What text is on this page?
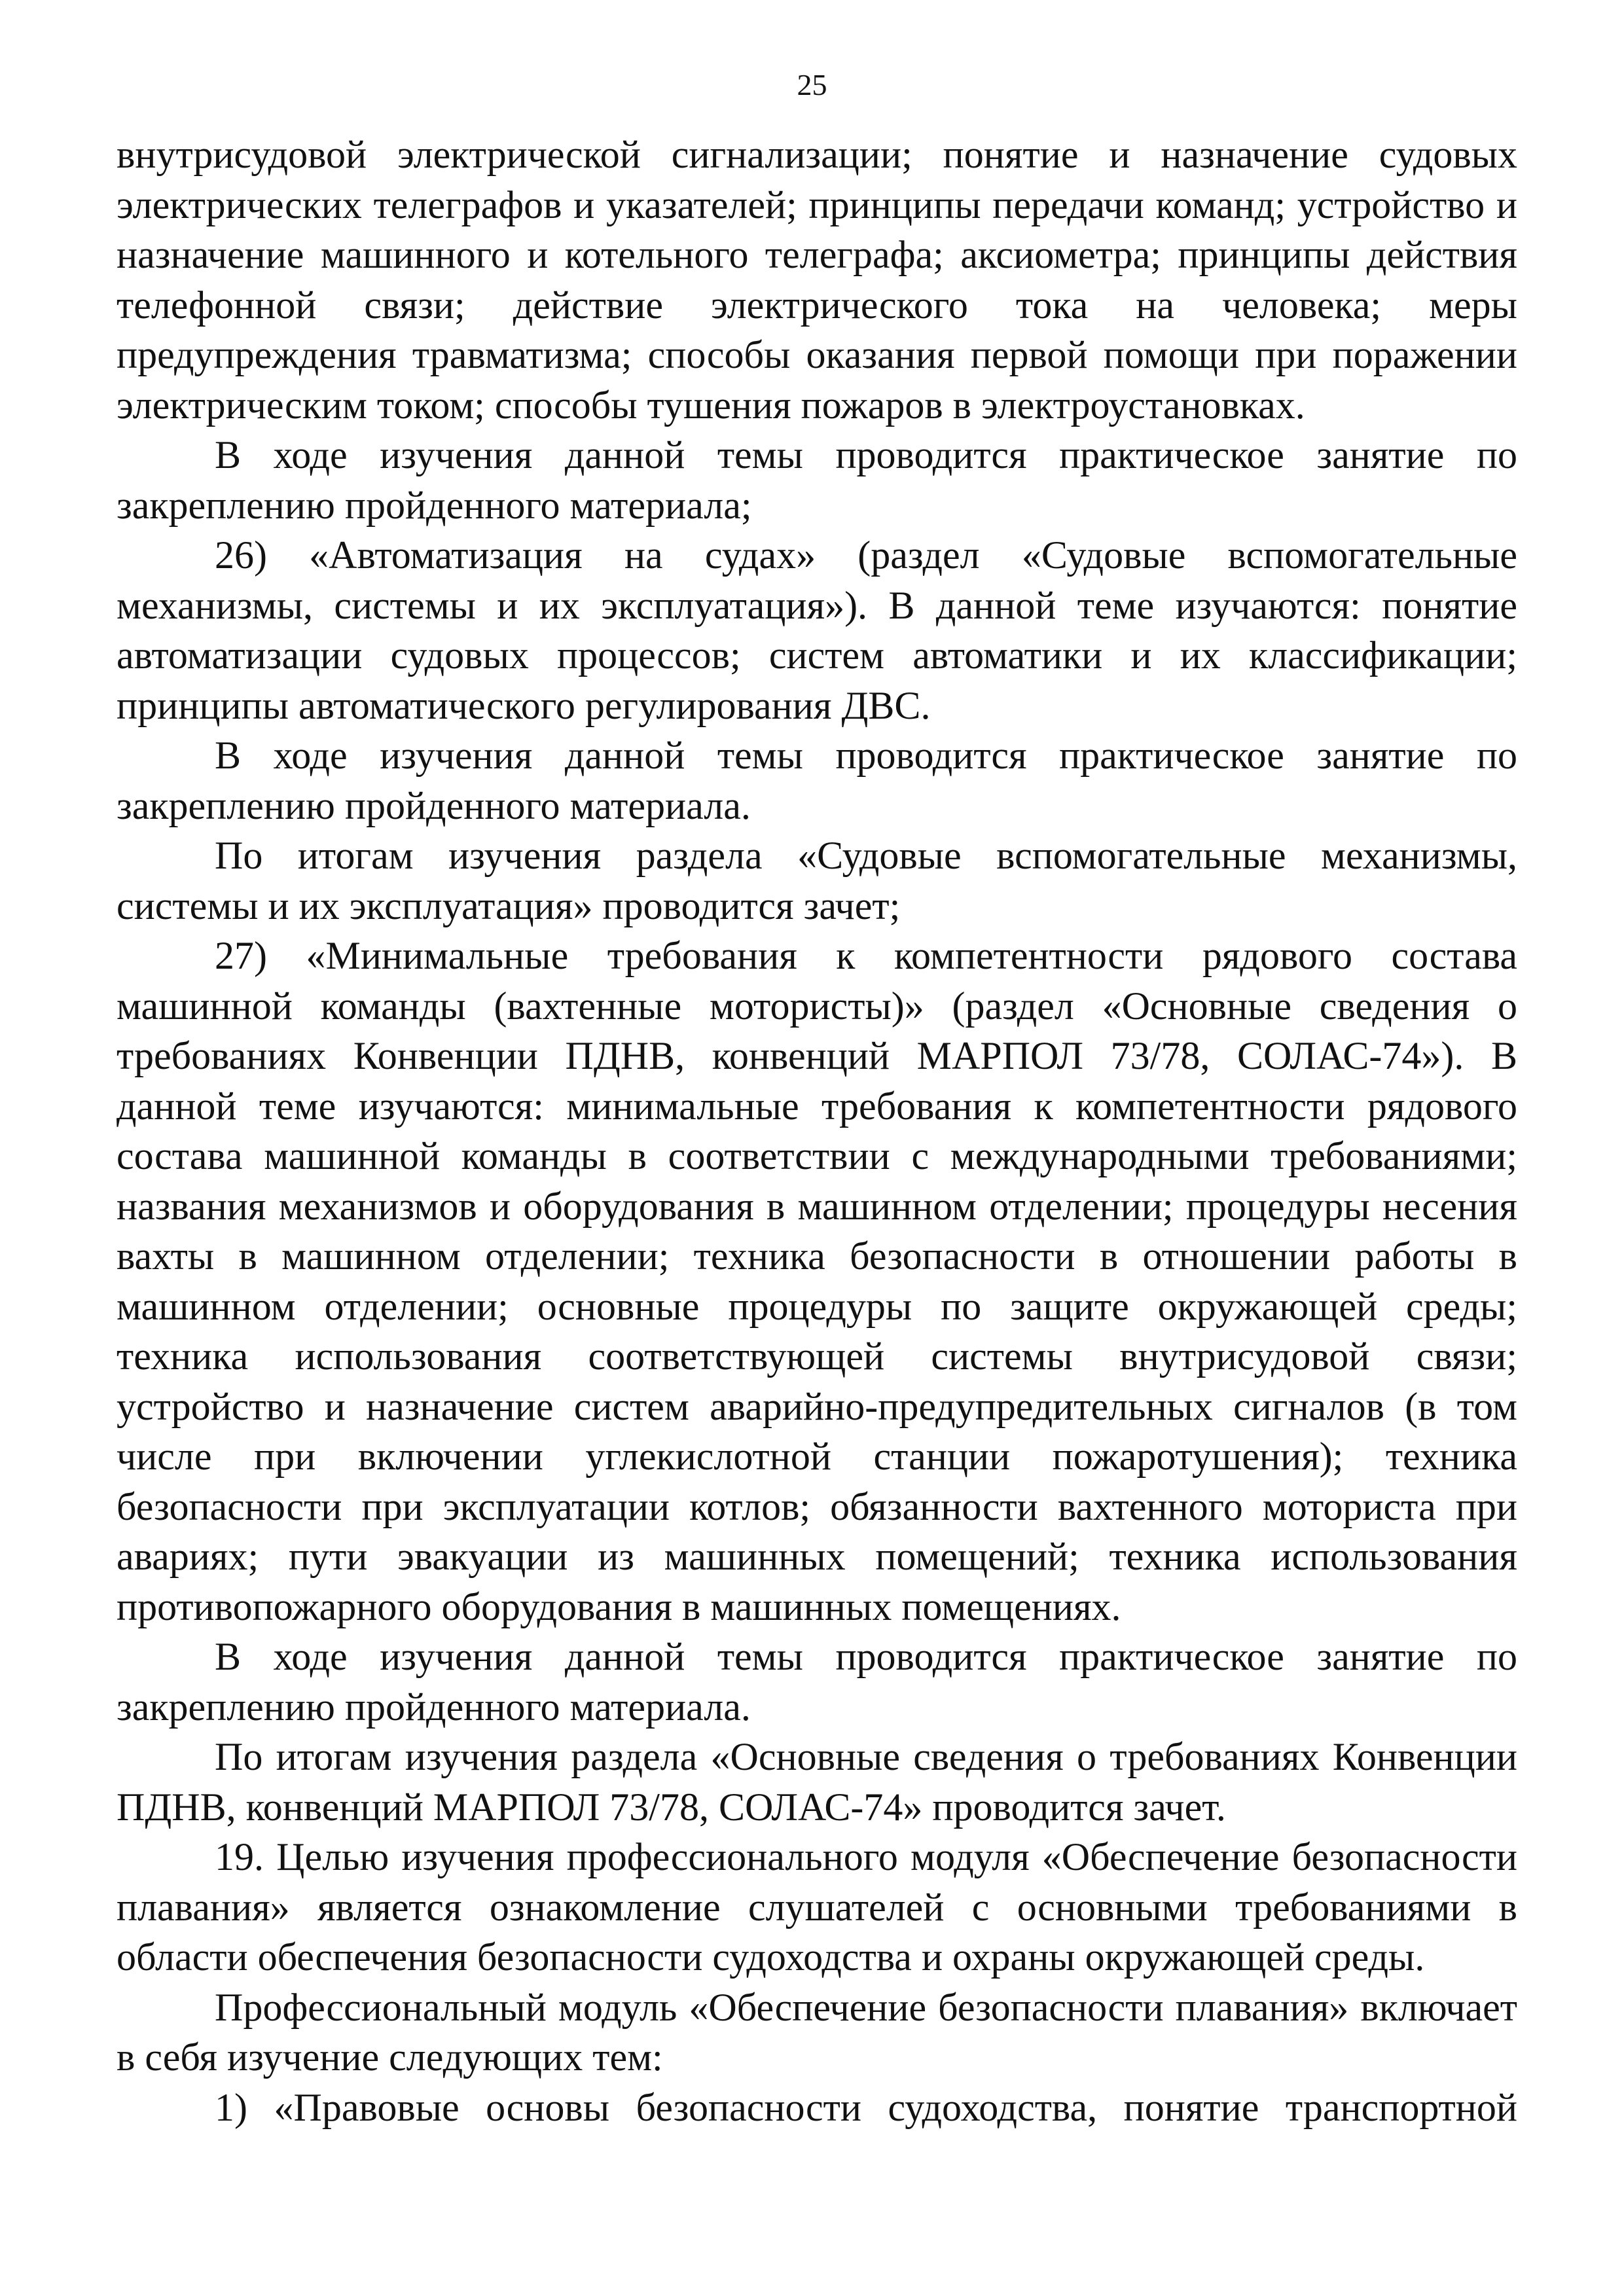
25

внутрисудовой электрической сигнализации; понятие и назначение судовых электрических телеграфов и указателей; принципы передачи команд; устройство и назначение машинного и котельного телеграфа; аксиометра; принципы действия телефонной связи; действие электрического тока на человека; меры предупреждения травматизма; способы оказания первой помощи при поражении электрическим током; способы тушения пожаров в электроустановках.

В ходе изучения данной темы проводится практическое занятие по закреплению пройденного материала;

26) «Автоматизация на судах» (раздел «Судовые вспомогательные механизмы, системы и их эксплуатация»). В данной теме изучаются: понятие автоматизации судовых процессов; систем автоматики и их классификации; принципы автоматического регулирования ДВС.

В ходе изучения данной темы проводится практическое занятие по закреплению пройденного материала.

По итогам изучения раздела «Судовые вспомогательные механизмы, системы и их эксплуатация» проводится зачет;

27) «Минимальные требования к компетентности рядового состава машинной команды (вахтенные мотористы)» (раздел «Основные сведения о требованиях Конвенции ПДНВ, конвенций МАРПОЛ 73/78, СОЛАС-74»). В данной теме изучаются: минимальные требования к компетентности рядового состава машинной команды в соответствии с международными требованиями; названия механизмов и оборудования в машинном отделении; процедуры несения вахты в машинном отделении; техника безопасности в отношении работы в машинном отделении; основные процедуры по защите окружающей среды; техника использования соответствующей системы внутрисудовой связи; устройство и назначение систем аварийно-предупредительных сигналов (в том числе при включении углекислотной станции пожаротушения); техника безопасности при эксплуатации котлов; обязанности вахтенного моториста при авариях; пути эвакуации из машинных помещений; техника использования противопожарного оборудования в машинных помещениях.

В ходе изучения данной темы проводится практическое занятие по закреплению пройденного материала.

По итогам изучения раздела «Основные сведения о требованиях Конвенции ПДНВ, конвенций МАРПОЛ 73/78, СОЛАС-74» проводится зачет.

19. Целью изучения профессионального модуля «Обеспечение безопасности плавания» является ознакомление слушателей с основными требованиями в области обеспечения безопасности судоходства и охраны окружающей среды.

Профессиональный модуль «Обеспечение безопасности плавания» включает в себя изучение следующих тем:

1) «Правовые основы безопасности судоходства, понятие транспортной
